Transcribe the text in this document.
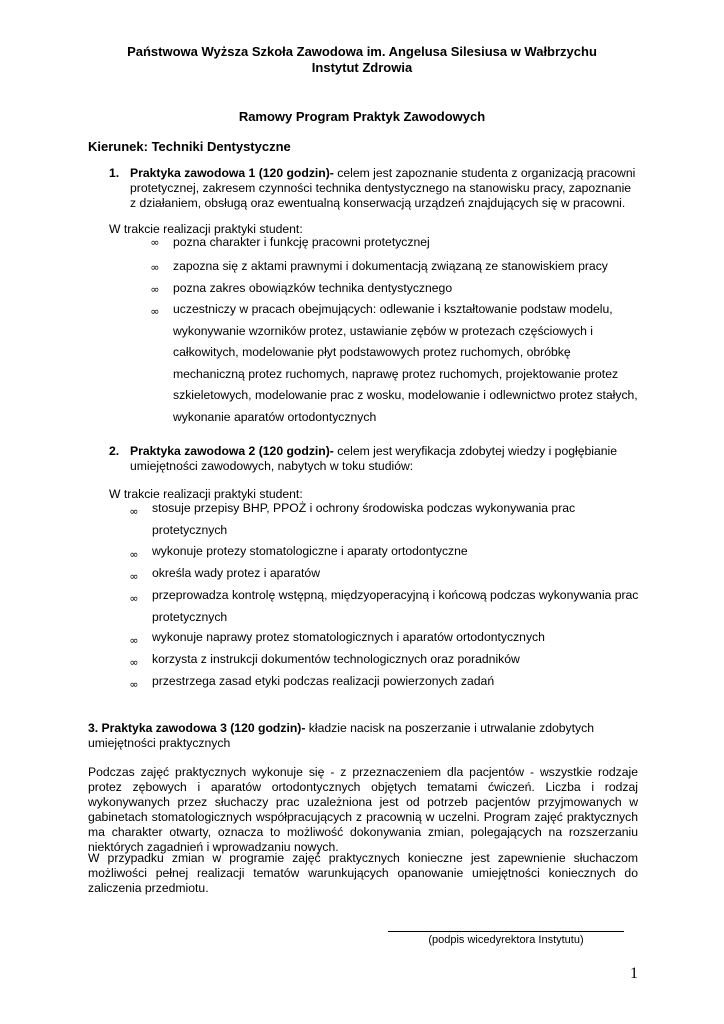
Państwowa Wyższa Szkoła Zawodowa im. Angelusa Silesiusa w Wałbrzychu
Instytut Zdrowia
Ramowy Program Praktyk Zawodowych
Kierunek: Techniki Dentystyczne
1. Praktyka zawodowa 1 (120 godzin)- celem jest zapoznanie studenta z organizacją pracowni protetycznej, zakresem czynności technika dentystycznego na stanowisku pracy, zapoznanie z działaniem, obsługą oraz ewentualną konserwacją urządzeń znajdujących się w pracowni.
W trakcie realizacji praktyki student:
∞ pozna charakter i funkcję pracowni protetycznej
∞ zapozna się z aktami prawnymi i dokumentacją związaną ze stanowiskiem pracy
∞ pozna zakres obowiązków technika dentystycznego
∞ uczestniczy w pracach obejmujących: odlewanie i kształtowanie podstaw modelu, wykonywanie wzorników protez, ustawianie zębów w protezach częściowych i całkowitych, modelowanie płyt podstawowych protez ruchomych, obróbkę mechaniczną protez ruchomych, naprawę protez ruchomych, projektowanie protez szkieletowych, modelowanie prac z wosku, modelowanie i odlewnictwo protez stałych, wykonanie aparatów ortodontycznych
2. Praktyka zawodowa 2 (120 godzin)- celem jest weryfikacja zdobytej wiedzy i pogłębianie umiejętności zawodowych, nabytych w toku studiów:
W trakcie realizacji praktyki student:
∞ stosuje przepisy BHP, PPOŻ i ochrony środowiska podczas wykonywania prac protetycznych
∞ wykonuje protezy stomatologiczne i aparaty ortodontyczne
∞ określa wady protez i aparatów
∞ przeprowadza kontrolę wstępną, międzyoperacyjną i końcową podczas wykonywania prac protetycznych
∞ wykonuje naprawy protez stomatologicznych i aparatów ortodontycznych
∞ korzysta z instrukcji dokumentów technologicznych oraz poradników
∞ przestrzega zasad etyki podczas realizacji powierzonych zadań
3. Praktyka zawodowa 3 (120 godzin)- kładzie nacisk na poszerzanie i utrwalanie zdobytych umiejętności praktycznych
Podczas zajęć praktycznych wykonuje się - z przeznaczeniem dla pacjentów - wszystkie rodzaje protez zębowych i aparatów ortodontycznych objętych tematami ćwiczeń. Liczba i rodzaj wykonywanych przez słuchaczy prac uzależniona jest od potrzeb pacjentów przyjmowanych w gabinetach stomatologicznych współpracujących z pracownią w uczelni. Program zajęć praktycznych ma charakter otwarty, oznacza to możliwość dokonywania zmian, polegających na rozszerzaniu niektórych zagadnień i wprowadzaniu nowych.
W przypadku zmian w programie zajęć praktycznych konieczne jest zapewnienie słuchaczom możliwości pełnej realizacji tematów warunkujących opanowanie umiejętności koniecznych do zaliczenia przedmiotu.
(podpis wicedyrektora Instytutu)
1
